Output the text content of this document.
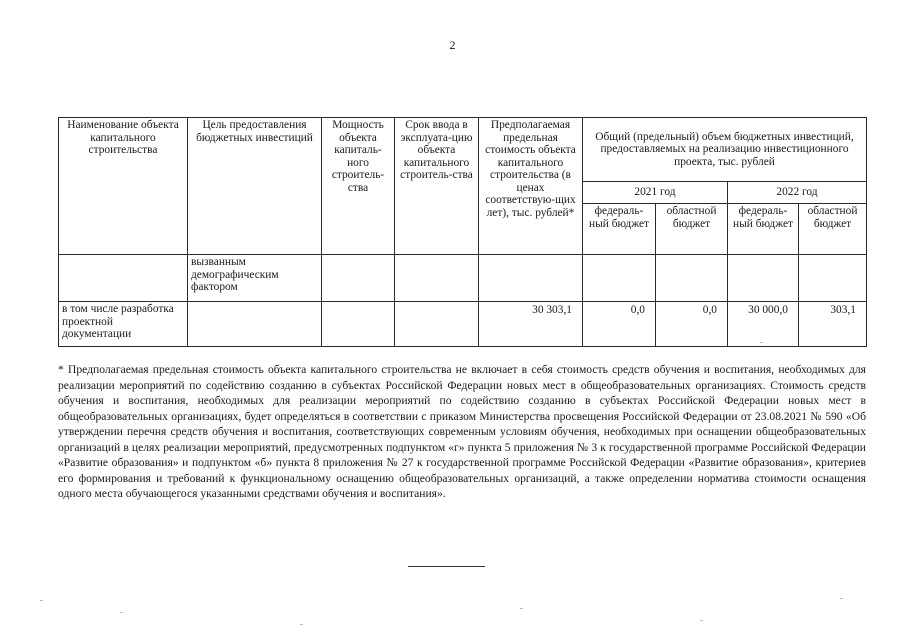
2
Наименование объекта капитального строительства	Цель предоставления бюджетных инвестиций	Мощность объекта капиталь-ного строитель-ства	Срок ввода в эксплуата-цию объекта капитального строитель-ства	Предполагаемая предельная стоимость объекта капитального строительства (в ценах соответствую-щих лет), тыс. рублей*	Общий (предельный) объем бюджетных инвестиций, предоставляемых на реализацию инвестиционного проекта, тыс. рублей			
					2021 год		2022 год	
					федераль-ный бюджет	областной бюджет	федераль-ный бюджет	областной бюджет
	вызванным демографическим фактором							
в том числе разработка проектной документации				30 303,1	0,0	0,0	30 000,0	303,1

* Предполагаемая предельная стоимость объекта капитального строительства не включает в себя стоимость средств обучения и воспитания, необходимых для реализации мероприятий по содействию созданию в субъектах Российской Федерации новых мест в общеобразовательных организациях. Стоимость средств обучения и воспитания, необходимых для реализации мероприятий по содействию созданию в субъектах Российской Федерации новых мест в общеобразовательных организациях, будет определяться в соответствии с приказом Министерства просвещения Российской Федерации от 23.08.2021 № 590 «Об утверждении перечня средств обучения и воспитания, соответствующих современным условиям обучения, необходимых при оснащении общеобразовательных организаций в целях реализации мероприятий, предусмотренных подпунктом «г» пункта 5 приложения № 3 к государственной программе Российской Федерации «Развитие образования» и подпунктом «б» пункта 8 приложения № 27 к государственной программе Российской Федерации «Развитие образования», критериев его формирования и требований к функциональному оснащению общеобразовательных организаций, а также определении норматива стоимости оснащения одного места обучающегося указанными средствами обучения и воспитания».
